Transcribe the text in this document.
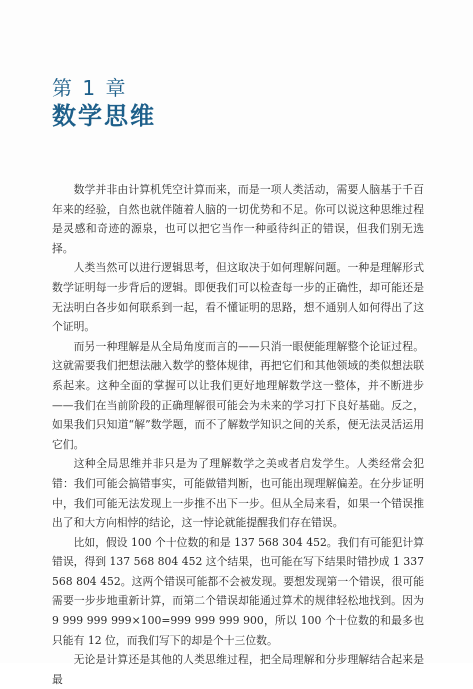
第 1 章
数学思维

数学并非由计算机凭空计算而来，而是一项人类活动，需要人脑基于千百年来的经验，自然也就伴随着人脑的一切优势和不足。你可以说这种思维过程是灵感和奇迹的源泉，也可以把它当作一种亟待纠正的错误，但我们别无选择。

人类当然可以进行逻辑思考，但这取决于如何理解问题。一种是理解形式数学证明每一步背后的逻辑。即便我们可以检查每一步的正确性，却可能还是无法明白各步如何联系到一起，看不懂证明的思路，想不通别人如何得出了这个证明。

而另一种理解是从全局角度而言的——只消一眼便能理解整个论证过程。这就需要我们把想法融入数学的整体规律，再把它们和其他领域的类似想法联系起来。这种全面的掌握可以让我们更好地理解数学这一整体，并不断进步——我们在当前阶段的正确理解很可能会为未来的学习打下良好基础。反之，如果我们只知道“解”数学题，而不了解数学知识之间的关系，便无法灵活运用它们。

这种全局思维并非只是为了理解数学之美或者启发学生。人类经常会犯错：我们可能会搞错事实，可能做错判断，也可能出现理解偏差。在分步证明中，我们可能无法发现上一步推不出下一步。但从全局来看，如果一个错误推出了和大方向相悖的结论，这一悖论就能提醒我们存在错误。

比如，假设 100 个十位数的和是 137 568 304 452。我们有可能犯计算错误，得到 137 568 804 452 这个结果，也可能在写下结果时错抄成 1 337 568 804 452。这两个错误可能都不会被发现。要想发现第一个错误，很可能需要一步步地重新计算，而第二个错误却能通过算术的规律轻松地找到。因为 9 999 999 999×100=999 999 999 900，所以 100 个十位数的和最多也只能有 12 位，而我们写下的却是个十三位数。

无论是计算还是其他的人类思维过程，把全局理解和分步理解结合起来是最
